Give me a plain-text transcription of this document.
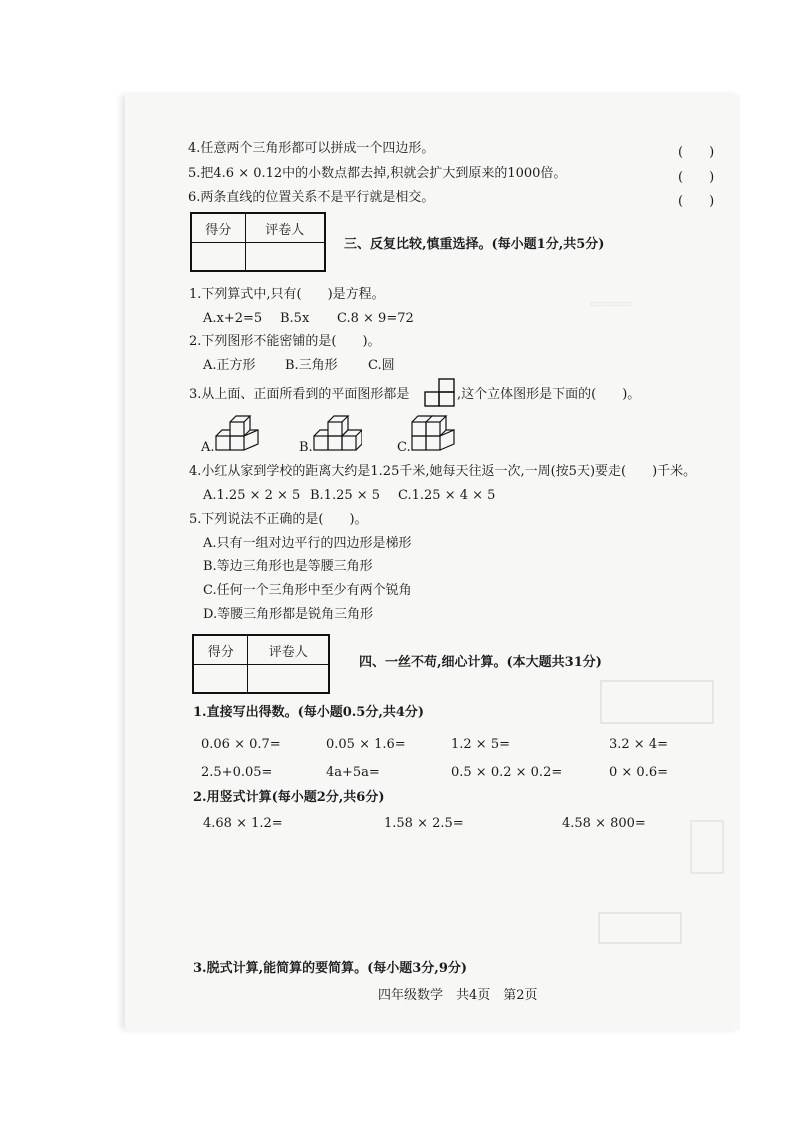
▭▭▭▭
4.任意两个三角形都可以拼成一个四边形。	(　　)
5.把4.6 × 0.12中的小数点都去掉,积就会扩大到原来的1000倍。	(　　)
6.两条直线的位置关系不是平行就是相交。	(　　)
得分	评卷人

三、反复比较,慎重选择。(每小题1分,共5分)
1.下列算式中,只有(　　)是方程。
A.x+2=5 B.5x C.8 × 9=72
2.下列图形不能密铺的是(　　)。
A.正方形 B.三角形 C.圆
3.从上面、正面所看到的平面图形都是	,这个立体图形是下面的(　　)。
A.	B.	C.
4.小红从家到学校的距离大约是1.25千米,她每天往返一次,一周(按5天)要走(　　)千米。
A.1.25 × 2 × 5 B.1.25 × 5 C.1.25 × 4 × 5
5.下列说法不正确的是(　　)。
A.只有一组对边平行的四边形是梯形
B.等边三角形也是等腰三角形
C.任何一个三角形中至少有两个锐角
D.等腰三角形都是锐角三角形
得分	评卷人

四、一丝不苟,细心计算。(本大题共31分)
1.直接写出得数。(每小题0.5分,共4分)
0.06 × 0.7=	0.05 × 1.6=	1.2 × 5=	3.2 × 4=
2.5+0.05=	4a+5a=	0.5 × 0.2 × 0.2=	0 × 0.6=
2.用竖式计算(每小题2分,共6分)
4.68 × 1.2=	1.58 × 2.5=	4.58 × 800=
3.脱式计算,能简算的要简算。(每小题3分,9分)
四年级数学　共4页　第2页
